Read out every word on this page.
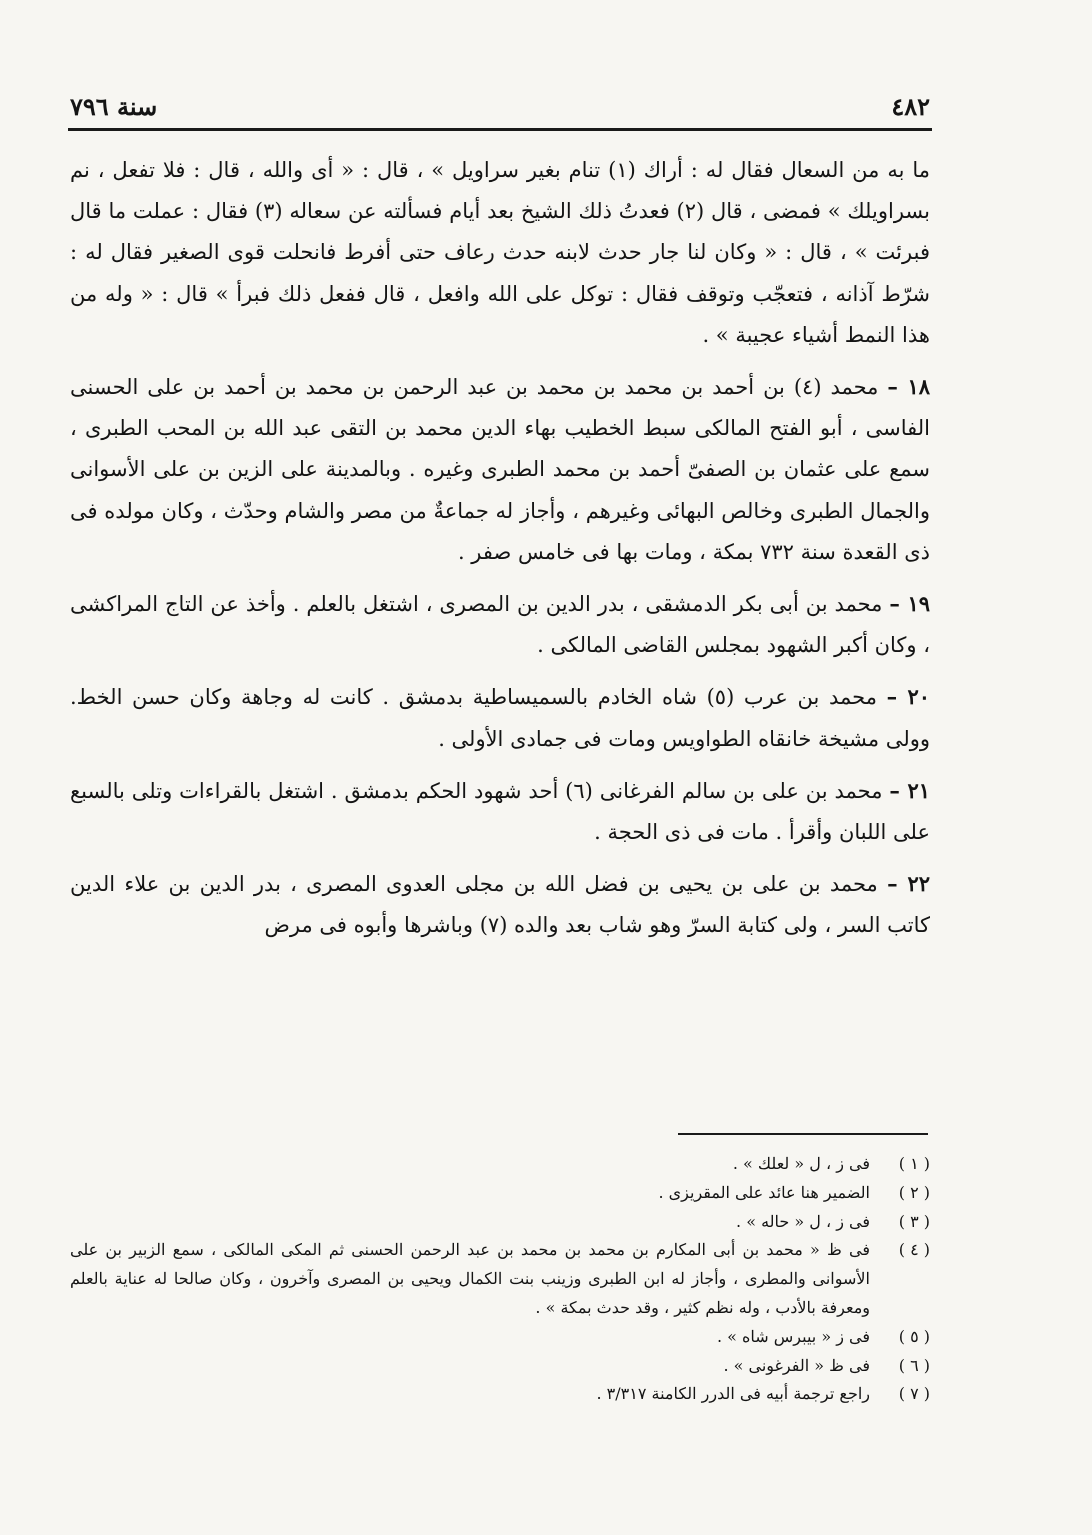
٤٨٢
سنة ٧٩٦

ما به من السعال فقال له : أراك (١) تنام بغير سراويل » ، قال : « أى والله ، قال : فلا تفعل ، نم بسراويلك » فمضى ، قال (٢) فعدتُ ذلك الشيخ بعد أيام فسألته عن سعاله (٣) فقال : عملت ما قال فبرئت » ، قال : « وكان لنا جار حدث لابنه حدث رعاف حتى أفرط فانحلت قوى الصغير فقال له : شرّط آذانه ، فتعجّب وتوقف فقال : توكل على الله وافعل ، قال ففعل ذلك فبرأ » قال : « وله من هذا النمط أشياء عجيبة » .

١٨ – محمد (٤) بن أحمد بن محمد بن محمد بن عبد الرحمن بن محمد بن أحمد بن على الحسنى الفاسى ، أبو الفتح المالكى سبط الخطيب بهاء الدين محمد بن التقى عبد الله بن المحب الطبرى ، سمع على عثمان بن الصفىّ أحمد بن محمد الطبرى وغيره . وبالمدينة على الزين بن على الأسوانى والجمال الطبرى وخالص البهائى وغيرهم ، وأجاز له جماعةٌ من مصر والشام وحدّث ، وكان مولده فى ذى القعدة سنة ٧٣٢ بمكة ، ومات بها فى خامس صفر .

١٩ – محمد بن أبى بكر الدمشقى ، بدر الدين بن المصرى ، اشتغل بالعلم . وأخذ عن التاج المراكشى ، وكان أكبر الشهود بمجلس القاضى المالكى .

٢٠ – محمد بن عرب (٥) شاه الخادم بالسميساطية بدمشق . كانت له وجاهة وكان حسن الخط. وولى مشيخة خانقاه الطواويس ومات فى جمادى الأولى .

٢١ – محمد بن على بن سالم الفرغانى (٦) أحد شهود الحكم بدمشق . اشتغل بالقراءات وتلى بالسبع على اللبان وأقرأ . مات فى ذى الحجة .

٢٢ – محمد بن على بن يحيى بن فضل الله بن مجلى العدوى المصرى ، بدر الدين بن علاء الدين كاتب السر ، ولى كتابة السرّ وهو شاب بعد والده (٧) وباشرها وأبوه فى مرض

( ١ )
فى ز ، ل « لعلك » .
( ٢ )
الضمير هنا عائد على المقريزى .
( ٣ )
فى ز ، ل « حاله » .
( ٤ )
فى ظ « محمد بن أبى المكارم بن محمد بن محمد بن عبد الرحمن الحسنى ثم المكى المالكى ، سمع الزبير بن على الأسوانى والمطرى ، وأجاز له ابن الطبرى وزينب بنت الكمال ويحيى بن المصرى وآخرون ، وكان صالحا له عناية بالعلم ومعرفة بالأدب ، وله نظم كثير ، وقد حدث بمكة » .
( ٥ )
فى ز « بيبرس شاه » .
( ٦ )
فى ظ « الفرغونى » .
( ٧ )
راجع ترجمة أبيه فى الدرر الكامنة ٣/٣١٧ .
